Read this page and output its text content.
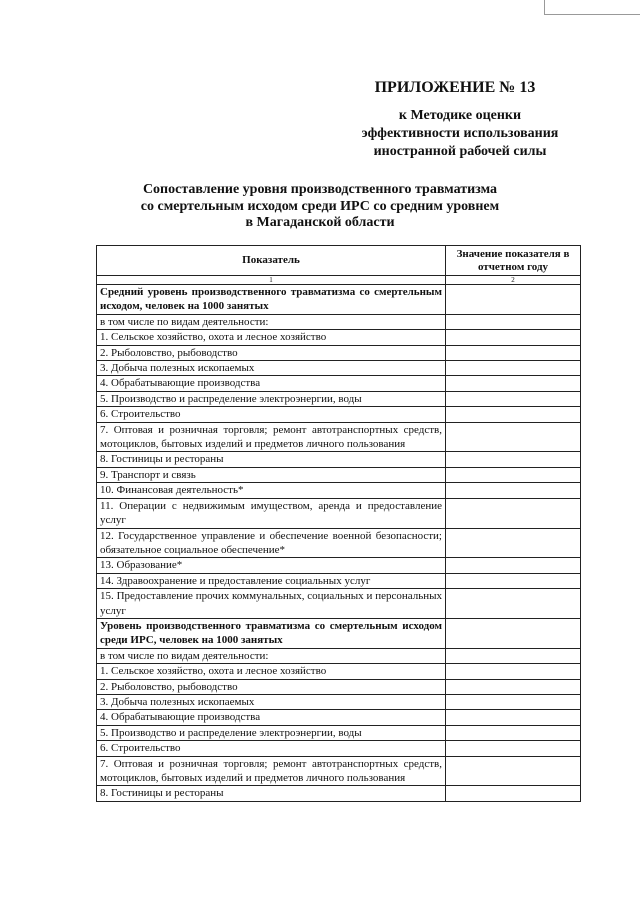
ПРИЛОЖЕНИЕ № 13
к Методике оценки
эффективности использования
иностранной рабочей силы
Сопоставление уровня производственного травматизма
со смертельным исходом среди ИРС со средним уровнем
в Магаданской области
Показатель	Значение показателя в отчетном году
1	2
Средний уровень производственного травматизма со смертельным исходом, человек на 1000 занятых	
в том числе по видам деятельности:	
1. Сельское хозяйство, охота и лесное хозяйство	
2. Рыболовство, рыбоводство	
3. Добыча полезных ископаемых	
4. Обрабатывающие производства	
5. Производство и распределение электроэнергии, воды	
6. Строительство	
7. Оптовая и розничная торговля; ремонт автотранспортных средств, мотоциклов, бытовых изделий и предметов личного пользования	
8. Гостиницы и рестораны	
9. Транспорт и связь	
10. Финансовая деятельность*	
11. Операции с недвижимым имуществом, аренда и предоставление услуг	
12. Государственное управление и обеспечение военной безопасности; обязательное социальное обеспечение*	
13. Образование*	
14. Здравоохранение и предоставление социальных услуг	
15. Предоставление прочих коммунальных, социальных и персональных услуг	
Уровень производственного травматизма со смертельным исходом среди ИРС, человек на 1000 занятых	
в том числе по видам деятельности:	
1. Сельское хозяйство, охота и лесное хозяйство	
2. Рыболовство, рыбоводство	
3. Добыча полезных ископаемых	
4. Обрабатывающие производства	
5. Производство и распределение электроэнергии, воды	
6. Строительство	
7. Оптовая и розничная торговля; ремонт автотранспортных средств, мотоциклов, бытовых изделий и предметов личного пользования	
8. Гостиницы и рестораны	
